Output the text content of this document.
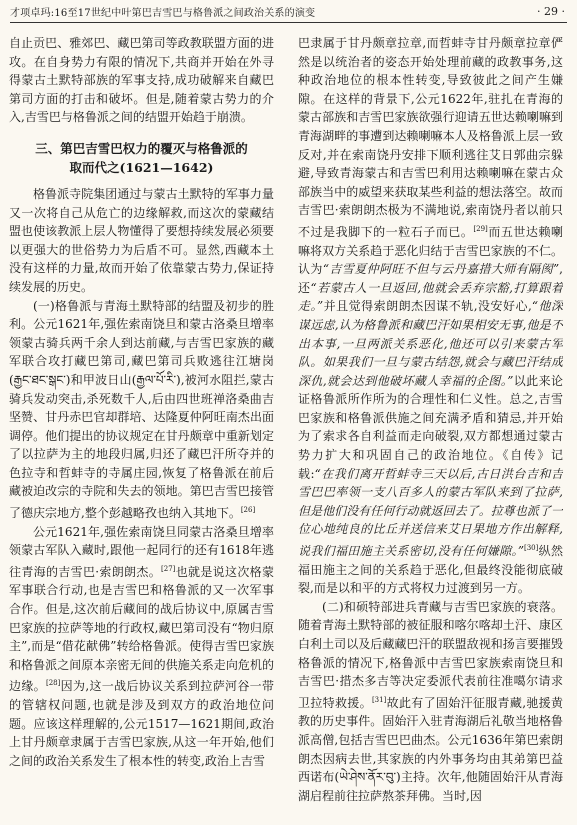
才项卓玛:16至17世纪中叶第巴吉雪巴与格鲁派之间政治关系的演变	· 29 ·

自止贡巴、雅郊巴、藏巴第司等政教联盟方面的进攻。在自身势力有限的情况下,共商并开始在外寻得蒙古土默特部族的军事支持,成功破解来自藏巴第司方面的打击和破坏。但是,随着蒙古势力的介入,吉雪巴与格鲁派之间的结盟开始趋于崩溃。

三、第巴吉雪巴权力的覆灭与格鲁派的
取而代之(1621—1642)

格鲁派寺院集团通过与蒙古土默特的军事力量又一次将自己从危亡的边缘解救,而这次的蒙藏结盟也使该教派上层人物懂得了要想持续发展必须要以更强大的世俗势力为后盾不可。显然,西藏本土没有这样的力量,故而开始了依靠蒙古势力,保证持续发展的历史。

(一)格鲁派与青海土默特部的结盟及初步的胜利。公元1621年,强佐索南饶旦和蒙古洛桑旦增率领蒙古骑兵两千余人到达前藏,与吉雪巴家族的藏军联合攻打藏巴第司,藏巴第司兵败逃往江塘岗(རྒྱང་ཐང་སྒང་)和甲波日山(རྒྱལ་པོ་རི་),被河水阻拦,蒙古骑兵发动突击,杀死数千人,后由四世班禅洛桑曲吉坚赞、甘丹赤巴官却群培、达隆夏仲阿旺南杰出面调停。他们提出的协议规定在甘丹颇章中重新划定了以拉萨为主的地段归属,归还了藏巴汗所夺并的色拉寺和哲蚌寺的寺属庄园,恢复了格鲁派在前后藏被迫改宗的寺院和失去的领地。第巴吉雪巴接管了德庆宗地方,整个彭越略孜也纳入其地下。[26]

公元1621年,强佐索南饶旦同蒙古洛桑旦增率领蒙古军队入藏时,跟他一起同行的还有1618年逃往青海的吉雪巴·索朗朗杰。[27]也就是说这次格蒙军事联合行动,也是吉雪巴和格鲁派的又一次军事合作。但是,这次前后藏间的战后协议中,原属吉雪巴家族的拉萨等地的行政权,藏巴第司没有“物归原主”,而是“借花献佛”转给格鲁派。使得吉雪巴家族和格鲁派之间原本亲密无间的供施关系走向危机的边缘。[28]因为,这一战后协议关系到拉萨河谷一带的管辖权问题,也就是涉及到双方的政治地位问题。应该这样理解的,公元1517—1621期间,政治上甘丹颇章隶属于吉雪巴家族,从这一年开始,他们之间的政治关系发生了根本性的转变,政治上吉雪

巴隶属于甘丹颇章拉章,而哲蚌寺甘丹颇章拉章俨然是以统治者的姿态开始处理前藏的政教事务,这种政治地位的根本性转变,导致彼此之间产生嫌隙。在这样的背景下,公元1622年,驻扎在青海的蒙古部族和吉雪巴家族欲强行迎请五世达赖喇嘛到青海湖畔的事遭到达赖喇嘛本人及格鲁派上层一致反对,并在索南饶丹安排下顺利逃往艾日郭曲宗躲避,导致青海蒙古和吉雪巴利用达赖喇嘛在蒙古众部族当中的威望来获取某些利益的想法落空。故而吉雪巴·索朗朗杰极为不满地说,索南饶丹者以前只不过是我脚下的一粒石子而已。[29]而五世达赖喇嘛将双方关系趋于恶化归结于吉雪巴家族的不仁。认为“吉雪夏仲阿旺不但与云丹嘉措大师有隔阂”,还“若蒙古人一旦返回,他就会丢弃宗豁,打算跟着走。”并且觉得索朗朗杰因谋不轨,没安好心,“他深谋远虑,认为格鲁派和藏巴汗如果相安无事,他是不出本事,一旦两派关系恶化,他还可以引来蒙古军队。如果我们一旦与蒙古结怨,就会与藏巴汗结成深仇,就会达到他破坏藏人幸福的企图。”以此来论证格鲁派所作所为的合理性和仁义性。总之,吉雪巴家族和格鲁派供施之间充满矛盾和猜忌,并开始为了索求各自利益而走向破裂,双方都想通过蒙古势力扩大和巩固自己的政治地位。《自传》记载:“在我们离开哲蚌寺三天以后,古日洪台吉和吉雪巴巴率领一支八百多人的蒙古军队来到了拉萨,但是他们没有任何行动就返回去了。拉尊也派了一位心地纯良的比丘并送信来艾日果地方作出解释,说我们福田施主关系密切,没有任何嫌隙。”[30]纵然福田施主之间的关系趋于恶化,但最终没能彻底破裂,而是以和平的方式将权力过渡到另一方。

(二)和硕特部进兵青藏与吉雪巴家族的衰落。随着青海土默特部的被征服和喀尔喀却土汗、康区白利土司以及后藏藏巴汗的联盟敌视和扬言要摧毁格鲁派的情况下,格鲁派中吉雪巴家族索南饶旦和吉雪巴·措杰多吉等决定委派代表前往准噶尔请求卫拉特救援。[31]故此有了固始汗征服青藏,驰援黄教的历史事件。固始汗入驻青海湖后礼敬当地格鲁派高僧,包括吉雪巴巴曲杰。公元1636年第巴索朗朗杰因病去世,其家族的内外事务均由其弟第巴益西诺布(ཡེ་ཤེས་ནོར་བུ་)主持。次年,他随固始汗从青海湖启程前往拉萨熬茶拜佛。当时,因
